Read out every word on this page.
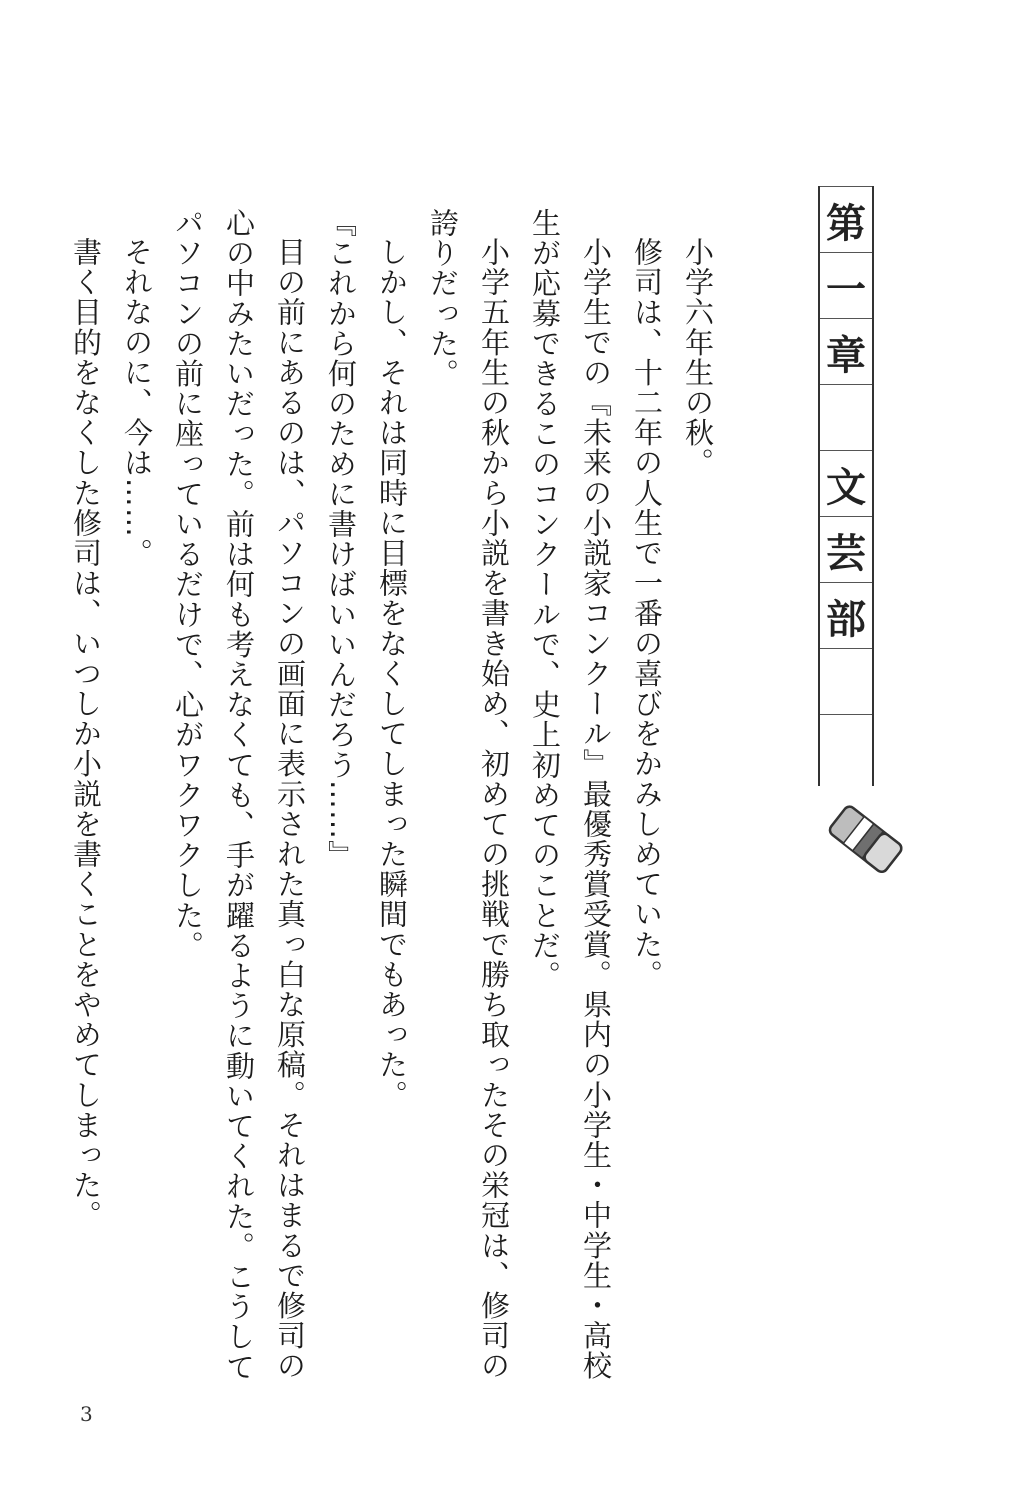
第
一
章
文
芸
部
小学六年生の秋。
修司は、十二年の人生で一番の喜びをかみしめていた。
小学生での『未来の小説家コンクール』最優秀賞受賞。県内の小学生・中学生・高校
生が応募できるこのコンクールで、史上初めてのことだ。
小学五年生の秋から小説を書き始め、初めての挑戦で勝ち取ったその栄冠は、修司の
誇りだった。
しかし、それは同時に目標をなくしてしまった瞬間でもあった。
『これから何のために書けばいいんだろう……』
目の前にあるのは、パソコンの画面に表示された真っ白な原稿。それはまるで修司の
心の中みたいだった。前は何も考えなくても、手が躍るように動いてくれた。こうして
パソコンの前に座っているだけで、心がワクワクした。
それなのに、今は……。
書く目的をなくした修司は、いつしか小説を書くことをやめてしまった。
3
